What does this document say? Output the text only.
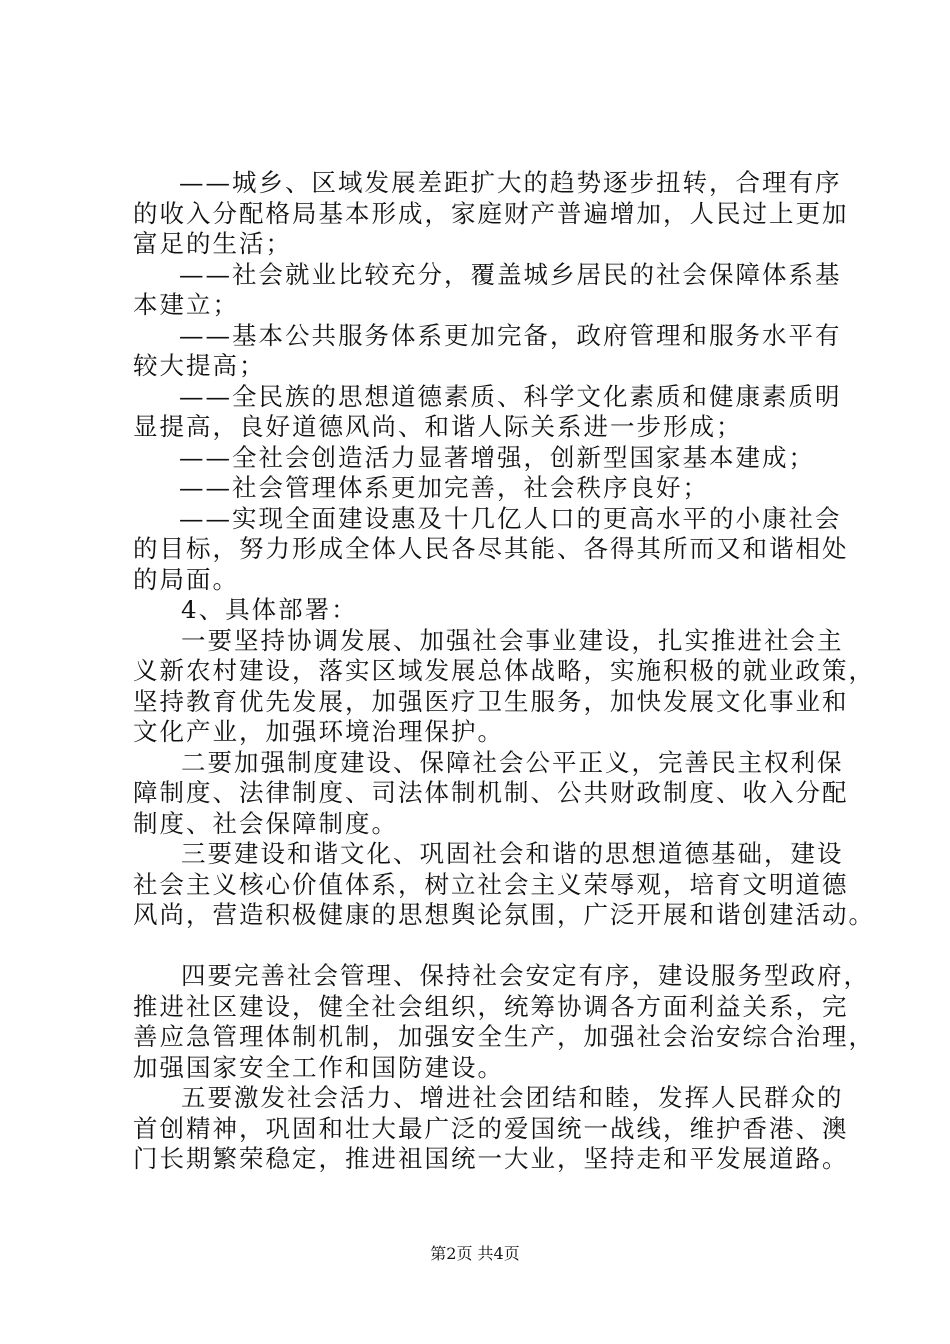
——城乡、区域发展差距扩大的趋势逐步扭转，合理有序
的收入分配格局基本形成，家庭财产普遍增加，人民过上更加
富足的生活；
——社会就业比较充分，覆盖城乡居民的社会保障体系基
本建立；
——基本公共服务体系更加完备，政府管理和服务水平有
较大提高；
——全民族的思想道德素质、科学文化素质和健康素质明
显提高，良好道德风尚、和谐人际关系进一步形成；
——全社会创造活力显著增强，创新型国家基本建成；
——社会管理体系更加完善，社会秩序良好；
——实现全面建设惠及十几亿人口的更高水平的小康社会
的目标，努力形成全体人民各尽其能、各得其所而又和谐相处
的局面。
4、具体部署：
一要坚持协调发展、加强社会事业建设，扎实推进社会主
义新农村建设，落实区域发展总体战略，实施积极的就业政策，
坚持教育优先发展，加强医疗卫生服务，加快发展文化事业和
文化产业，加强环境治理保护。
二要加强制度建设、保障社会公平正义，完善民主权利保
障制度、法律制度、司法体制机制、公共财政制度、收入分配
制度、社会保障制度。
三要建设和谐文化、巩固社会和谐的思想道德基础，建设
社会主义核心价值体系，树立社会主义荣辱观，培育文明道德
风尚，营造积极健康的思想舆论氛围，广泛开展和谐创建活动。
四要完善社会管理、保持社会安定有序，建设服务型政府，
推进社区建设，健全社会组织，统筹协调各方面利益关系，完
善应急管理体制机制，加强安全生产，加强社会治安综合治理，
加强国家安全工作和国防建设。
五要激发社会活力、增进社会团结和睦，发挥人民群众的
首创精神，巩固和壮大最广泛的爱国统一战线，维护香港、澳
门长期繁荣稳定，推进祖国统一大业，坚持走和平发展道路。
第2页 共4页
